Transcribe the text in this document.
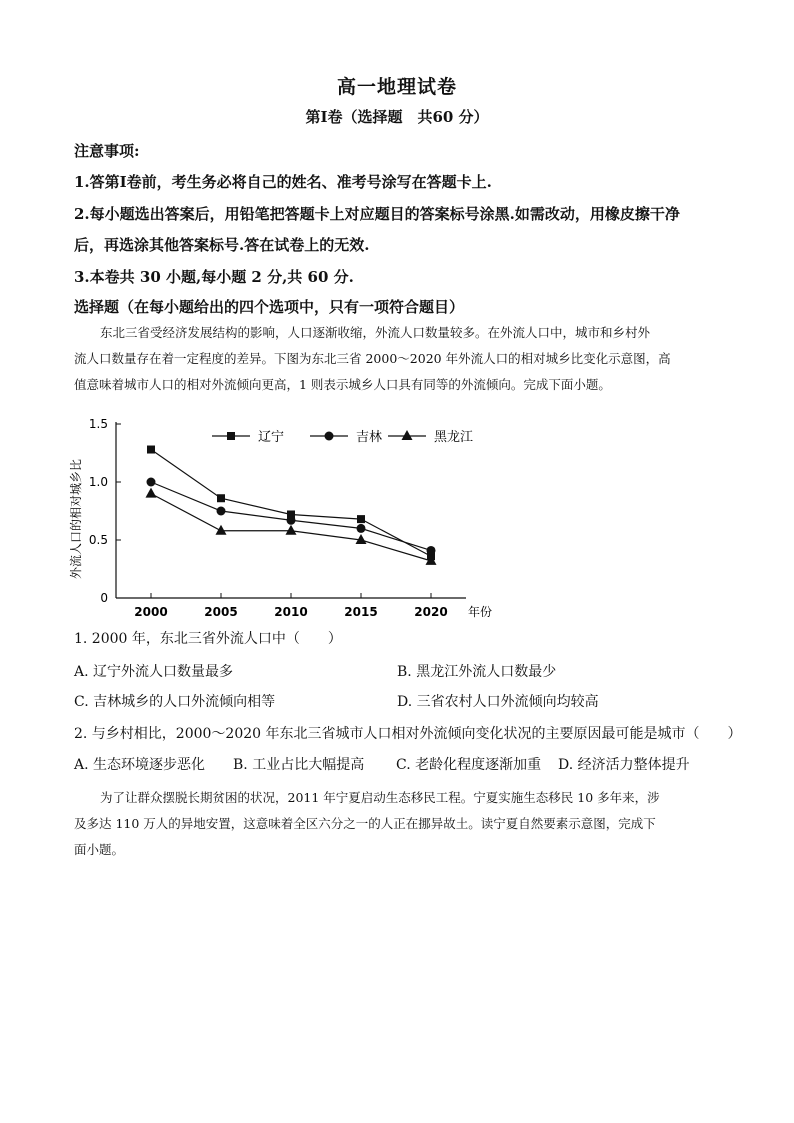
高一地理试卷
第Ⅰ卷（选择题　共60 分）
注意事项:
1.答第Ⅰ卷前，考生务必将自己的姓名、准考号涂写在答题卡上.
2.每小题选出答案后，用铅笔把答题卡上对应题目的答案标号涂黑.如需改动，用橡皮擦干净
后，再选涂其他答案标号.答在试卷上的无效.
3.本卷共 30 小题,每小题 2 分,共 60 分.
选择题（在每小题给出的四个选项中，只有一项符合题目）

东北三省受经济发展结构的影响，人口逐渐收缩，外流人口数量较多。在外流人口中，城市和乡村外

流人口数量存在着一定程度的差异。下图为东北三省 2000～2020 年外流人口的相对城乡比变化示意图，高

值意味着城市人口的相对外流倾向更高，1 则表示城乡人口具有同等的外流倾向。完成下面小题。

0
0.5
1.0
1.5
2000	2005	2010	2015	2020 年份
外流人口的相对城乡比
辽宁	吉林	黑龙江
1. 2000 年，东北三省外流人口中（　　）
A. 辽宁外流人口数量最多	B. 黑龙江外流人口数最少
C. 吉林城乡的人口外流倾向相等	D. 三省农村人口外流倾向均较高
2. 与乡村相比，2000～2020 年东北三省城市人口相对外流倾向变化状况的主要原因最可能是城市（　　）
A. 生态环境逐步恶化 B. 工业占比大幅提高 C. 老龄化程度逐渐加重 D. 经济活力整体提升

为了让群众摆脱长期贫困的状况，2011 年宁夏启动生态移民工程。宁夏实施生态移民 10 多年来，涉

及多达 110 万人的异地安置，这意味着全区六分之一的人正在挪异故土。读宁夏自然要素示意图，完成下

面小题。
